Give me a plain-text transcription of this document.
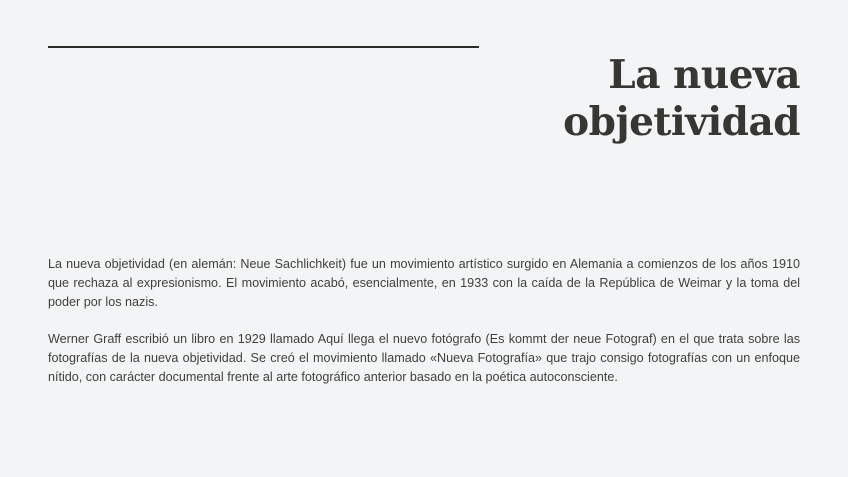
La nueva
objetividad

La nueva objetividad (en alemán: Neue Sachlichkeit) fue un movimiento artístico surgido en Alemania a comienzos de los años 1910 que rechaza al expresionismo. El movimiento acabó, esencialmente, en 1933 con la caída de la República de Weimar y la toma del poder por los nazis.

Werner Graff escribió un libro en 1929 llamado Aquí llega el nuevo fotógrafo (Es kommt der neue Fotograf) en el que trata sobre las fotografías de la nueva objetividad. Se creó el movimiento llamado «Nueva Fotografía» que trajo consigo fotografías con un enfoque nítido, con carácter documental frente al arte fotográfico anterior basado en la poética autoconsciente.
